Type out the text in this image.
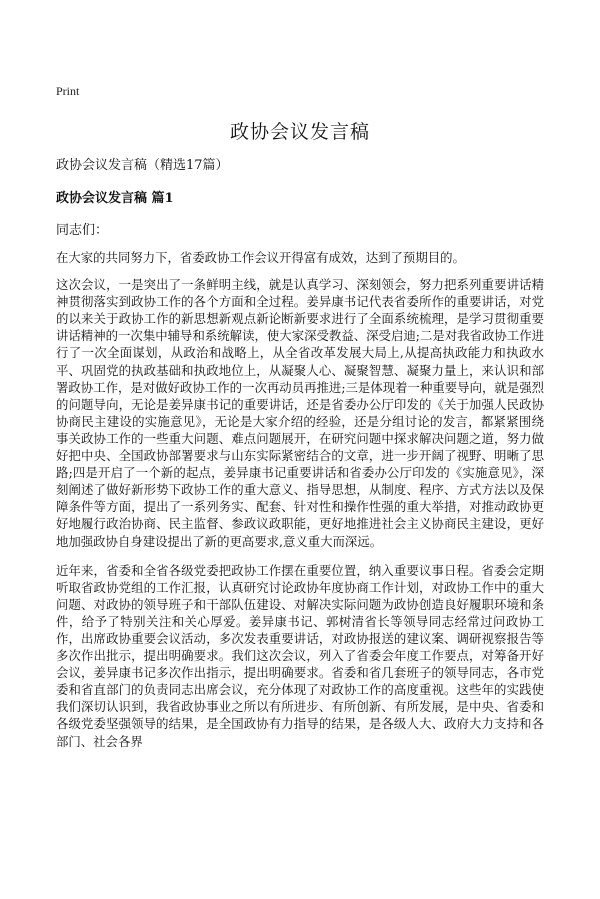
Print
政协会议发言稿

政协会议发言稿（精选17篇）

政协会议发言稿 篇1

同志们：

在大家的共同努力下，省委政协工作会议开得富有成效，达到了预期目的。

这次会议，一是突出了一条鲜明主线，就是认真学习、深刻领会，努力把系列重要讲话精神贯彻落实到政协工作的各个方面和全过程。姜异康书记代表省委所作的重要讲话，对党的以来关于政协工作的新思想新观点新论断新要求进行了全面系统梳理，是学习贯彻重要讲话精神的一次集中辅导和系统解读，使大家深受教益、深受启迪;二是对我省政协工作进行了一次全面谋划，从政治和战略上，从全省改革发展大局上,从提高执政能力和执政水平、巩固党的执政基础和执政地位上，从凝聚人心、凝聚智慧、凝聚力量上，来认识和部署政协工作，是对做好政协工作的一次再动员再推进;三是体现着一种重要导向，就是强烈的问题导向，无论是姜异康书记的重要讲话，还是省委办公厅印发的《关于加强人民政协协商民主建设的实施意见》，无论是大家介绍的经验，还是分组讨论的发言，都紧紧围绕事关政协工作的一些重大问题、难点问题展开，在研究问题中探求解决问题之道，努力做好把中央、全国政协部署要求与山东实际紧密结合的文章，进一步开阔了视野、明晰了思路;四是开启了一个新的起点，姜异康书记重要讲话和省委办公厅印发的《实施意见》，深刻阐述了做好新形势下政协工作的重大意义、指导思想，从制度、程序、方式方法以及保障条件等方面，提出了一系列务实、配套、针对性和操作性强的重大举措，对推动政协更好地履行政治协商、民主监督、参政议政职能，更好地推进社会主义协商民主建设，更好地加强政协自身建设提出了新的更高要求,意义重大而深远。

近年来，省委和全省各级党委把政协工作摆在重要位置，纳入重要议事日程。省委会定期听取省政协党组的工作汇报，认真研究讨论政协年度协商工作计划，对政协工作中的重大问题、对政协的领导班子和干部队伍建设、对解决实际问题为政协创造良好履职环境和条件，给予了特别关注和关心厚爱。姜异康书记、郭树清省长等领导同志经常过问政协工作，出席政协重要会议活动，多次发表重要讲话，对政协报送的建议案、调研视察报告等多次作出批示，提出明确要求。我们这次会议，列入了省委会年度工作要点，对筹备开好会议，姜异康书记多次作出指示，提出明确要求。省委和省几套班子的领导同志，各市党委和省直部门的负责同志出席会议，充分体现了对政协工作的高度重视。这些年的实践使我们深切认识到，我省政协事业之所以有所进步、有所创新、有所发展，是中央、省委和各级党委坚强领导的结果，是全国政协有力指导的结果，是各级人大、政府大力支持和各部门、社会各界
